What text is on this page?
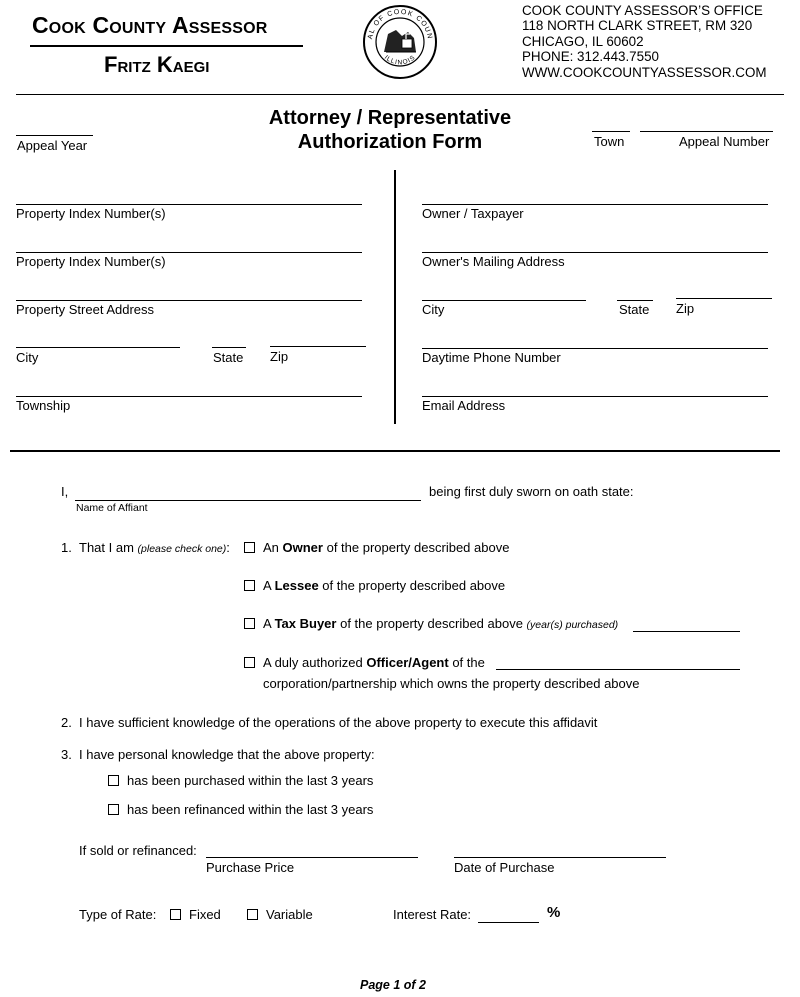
Cook County Assessor
Fritz Kaegi
AL OF COOK COUN
ILLINOIS
COOK COUNTY ASSESSOR’S OFFICE
118 NORTH CLARK STREET, RM 320
CHICAGO, IL 60602
PHONE: 312.443.7550
WWW.COOKCOUNTYASSESSOR.COM
Appeal Year
Attorney / Representative
Authorization Form	Town	Appeal Number
Property Index Number(s)
Property Index Number(s)
Property Street Address
City	State Zip
Township
Owner / Taxpayer
Owner's Mailing Address
City	State Zip
Daytime Phone Number
Email Address
I,
Name of Affiant
being first duly sworn on oath state:
1. That I am (please check one):	An Owner of the property described above
A Lessee of the property described above
A Tax Buyer of the property described above (year(s) purchased)
A duly authorized Officer/Agent of the
corporation/partnership which owns the property described above
2. I have sufficient knowledge of the operations of the above property to execute this affidavit
3. I have personal knowledge that the above property:
has been purchased within the last 3 years
has been refinanced within the last 3 years
If sold or refinanced:
Purchase Price	Date of Purchase
Type of Rate:	Fixed	Variable	Interest Rate:	%
Page 1 of 2
